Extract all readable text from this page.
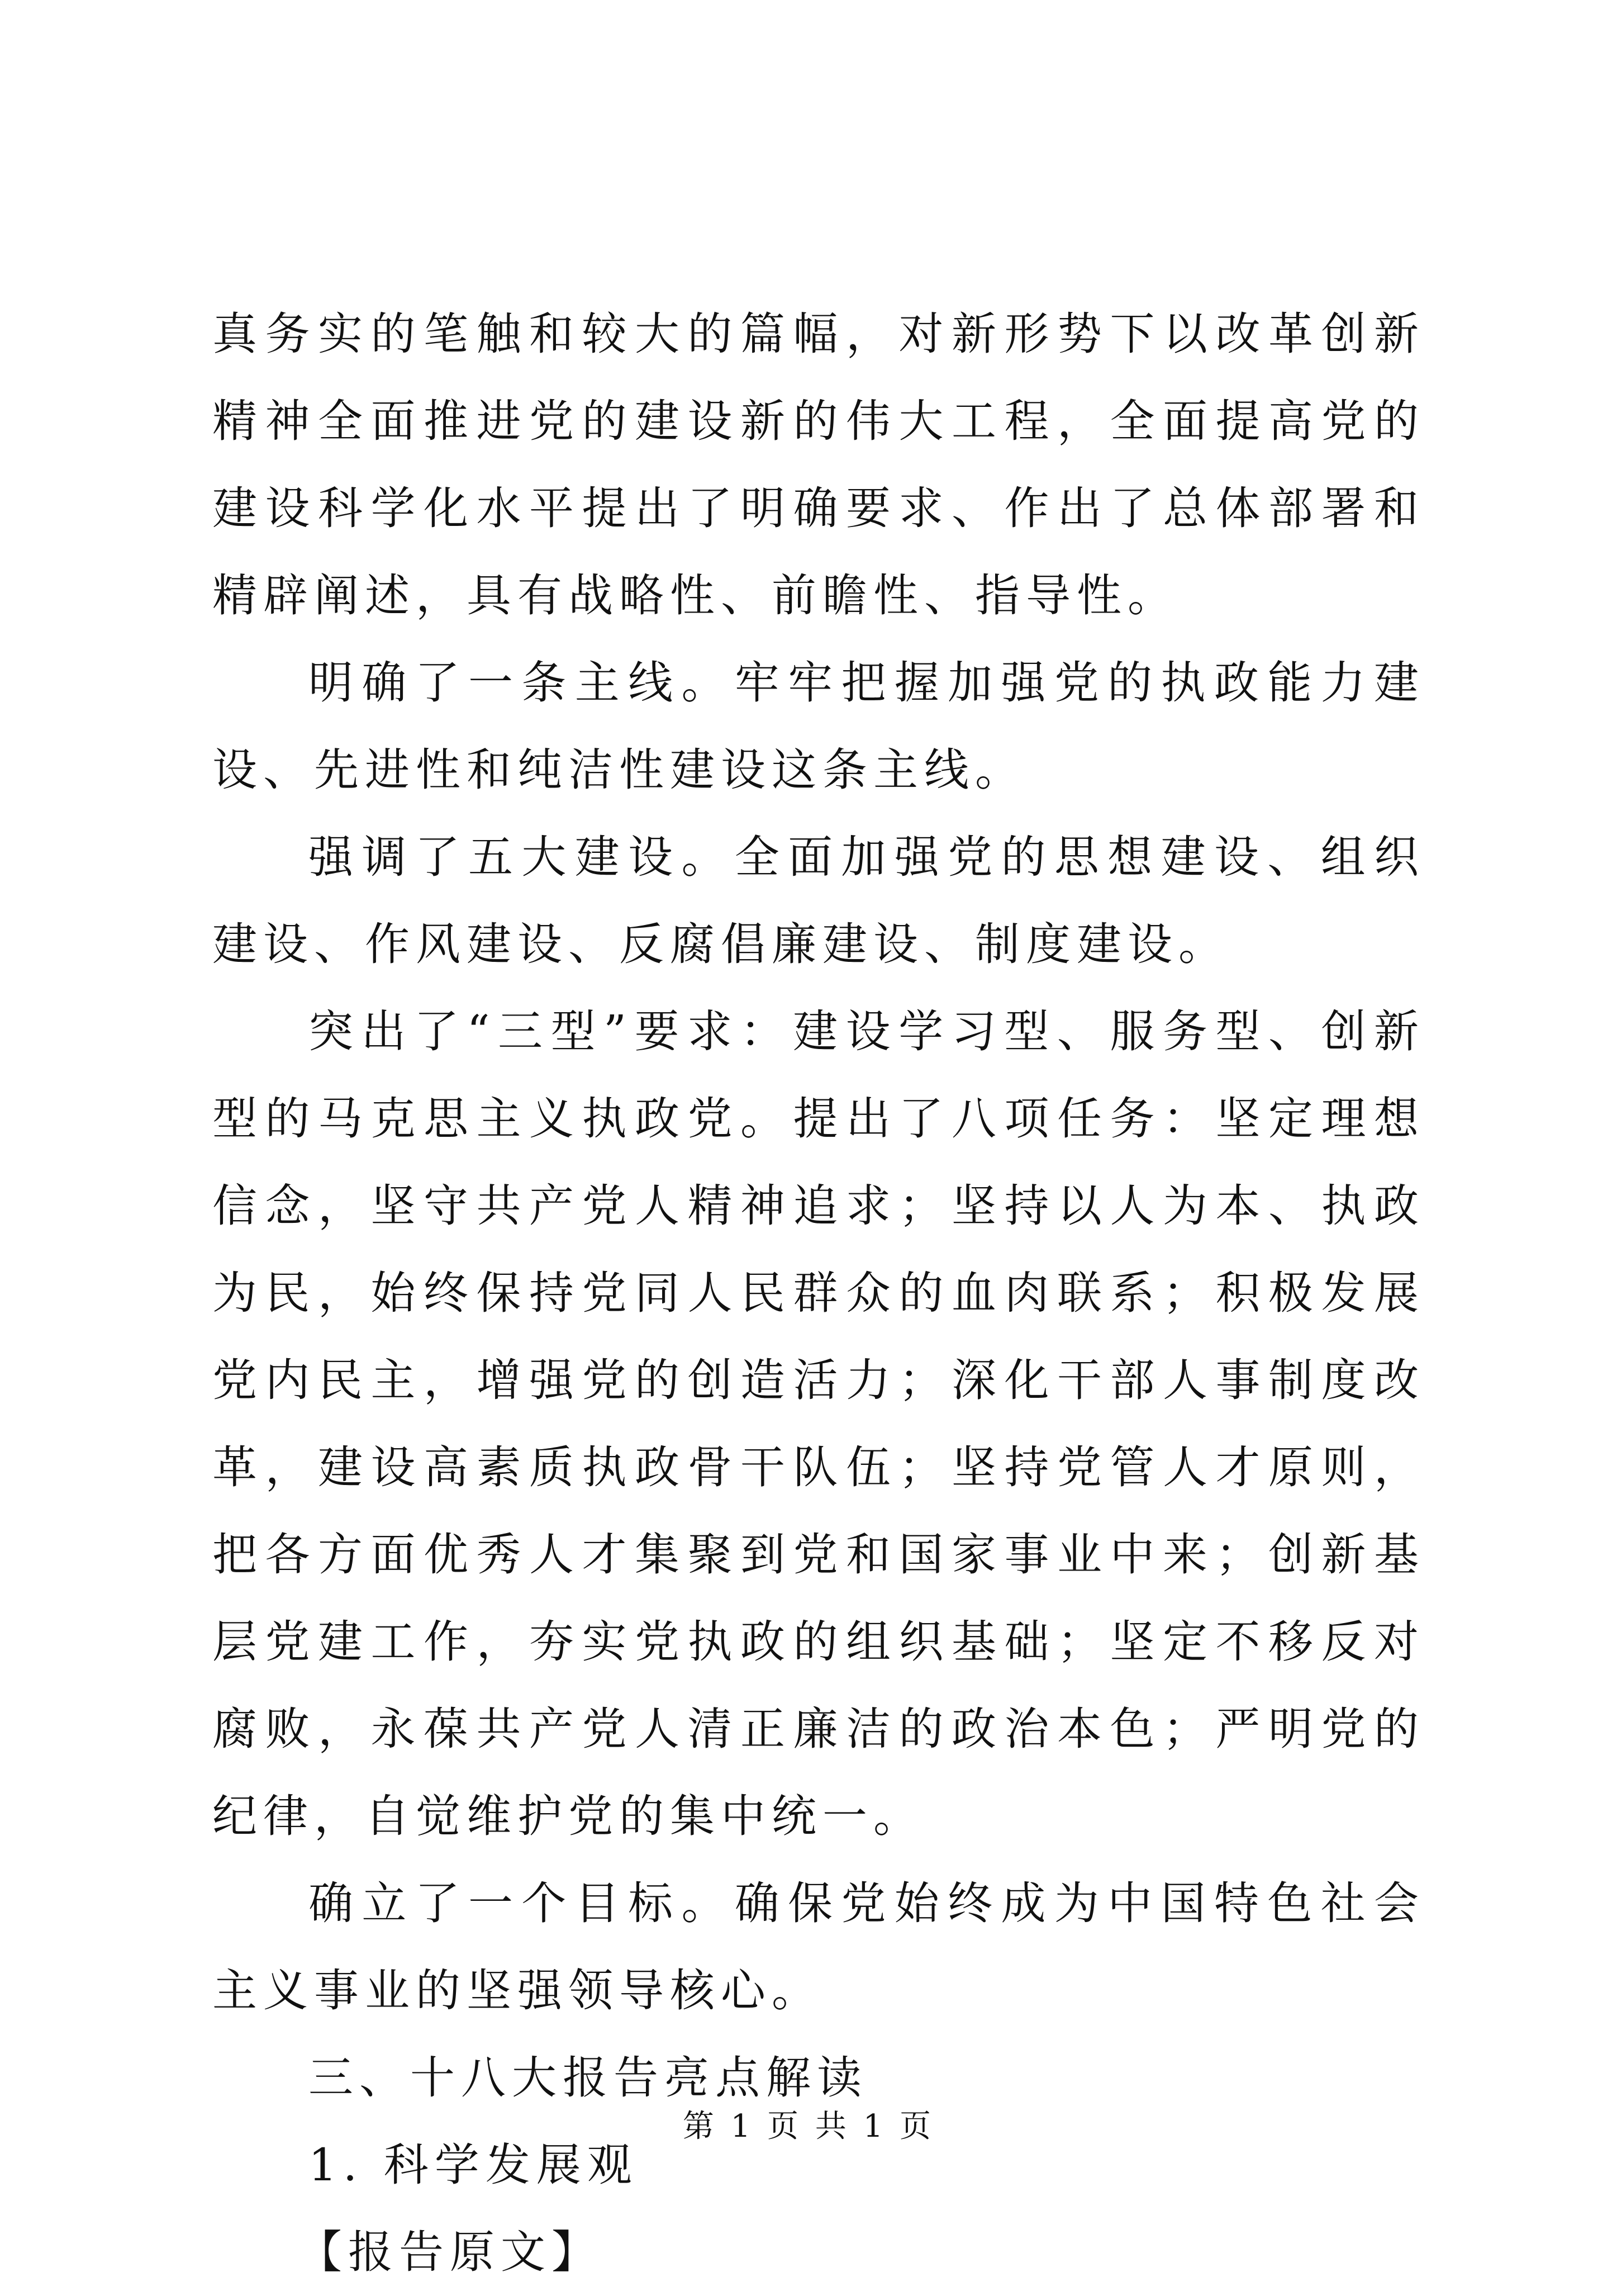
真务实的笔触和较大的篇幅，对新形势下以改革创新精神全面推进党的建设新的伟大工程，全面提高党的建设科学化水平提出了明确要求、作出了总体部署和精辟阐述，具有战略性、前瞻性、指导性。

明确了一条主线。牢牢把握加强党的执政能力建设、先进性和纯洁性建设这条主线。

强调了五大建设。全面加强党的思想建设、组织建设、作风建设、反腐倡廉建设、制度建设。

突出了“三型”要求：建设学习型、服务型、创新型的马克思主义执政党。提出了八项任务：坚定理想信念，坚守共产党人精神追求；坚持以人为本、执政为民，始终保持党同人民群众的血肉联系；积极发展党内民主，增强党的创造活力；深化干部人事制度改革，建设高素质执政骨干队伍；坚持党管人才原则，把各方面优秀人才集聚到党和国家事业中来；创新基层党建工作，夯实党执政的组织基础；坚定不移反对腐败，永葆共产党人清正廉洁的政治本色；严明党的纪律，自觉维护党的集中统一。

确立了一个目标。确保党始终成为中国特色社会主义事业的坚强领导核心。

三、十八大报告亮点解读

1. 科学发展观

【报告原文】

第 1 页 共 1 页
